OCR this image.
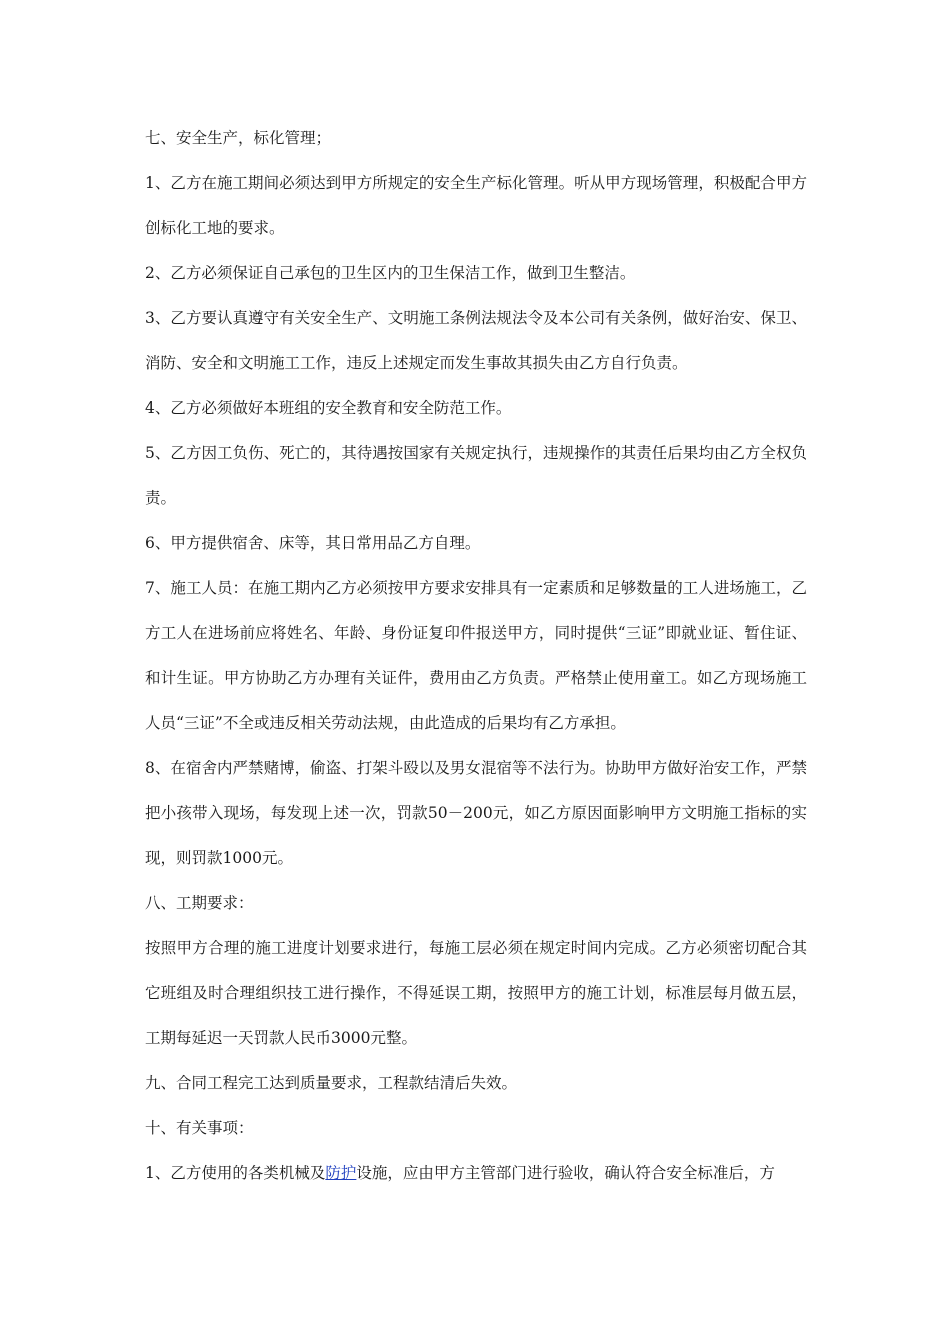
七、安全生产，标化管理；

1、乙方在施工期间必须达到甲方所规定的安全生产标化管理。听从甲方现场管理，积极配合甲方创标化工地的要求。

2、乙方必须保证自己承包的卫生区内的卫生保洁工作，做到卫生整洁。

3、乙方要认真遵守有关安全生产、文明施工条例法规法令及本公司有关条例，做好治安、保卫、消防、安全和文明施工工作，违反上述规定而发生事故其损失由乙方自行负责。

4、乙方必须做好本班组的安全教育和安全防范工作。

5、乙方因工负伤、死亡的，其待遇按国家有关规定执行，违规操作的其责任后果均由乙方全权负责。

6、甲方提供宿舍、床等，其日常用品乙方自理。

7、施工人员：在施工期内乙方必须按甲方要求安排具有一定素质和足够数量的工人进场施工，乙方工人在进场前应将姓名、年龄、身份证复印件报送甲方，同时提供“三证”即就业证、暂住证、和计生证。甲方协助乙方办理有关证件，费用由乙方负责。严格禁止使用童工。如乙方现场施工人员“三证”不全或违反相关劳动法规，由此造成的后果均有乙方承担。

8、在宿舍内严禁赌博，偷盗、打架斗殴以及男女混宿等不法行为。协助甲方做好治安工作，严禁把小孩带入现场，每发现上述一次，罚款50－200元，如乙方原因面影响甲方文明施工指标的实现，则罚款1000元。

八、工期要求：

按照甲方合理的施工进度计划要求进行，每施工层必须在规定时间内完成。乙方必须密切配合其它班组及时合理组织技工进行操作，不得延误工期，按照甲方的施工计划，标准层每月做五层，工期每延迟一天罚款人民币3000元整。

九、合同工程完工达到质量要求，工程款结清后失效。

十、有关事项：

1、乙方使用的各类机械及防护设施，应由甲方主管部门进行验收，确认符合安全标准后，方
